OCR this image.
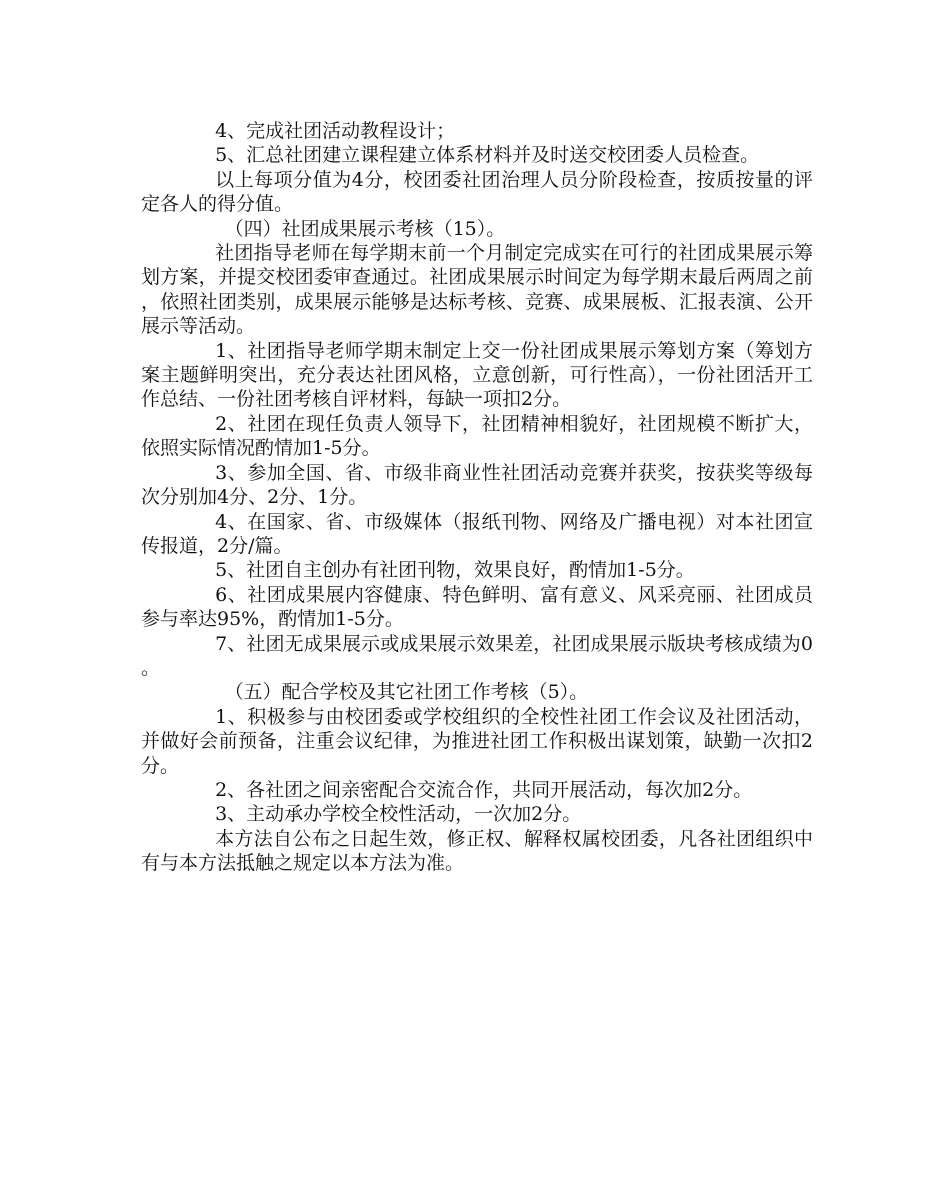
4、完成社团活动教程设计；

5、汇总社团建立课程建立体系材料并及时送交校团委人员检查。

以上每项分值为4分，校团委社团治理人员分阶段检查，按质按量的评定各人的得分值。

（四）社团成果展示考核（15）。

社团指导老师在每学期末前一个月制定完成实在可行的社团成果展示筹划方案，并提交校团委审查通过。社团成果展示时间定为每学期末最后两周之前，依照社团类别，成果展示能够是达标考核、竞赛、成果展板、汇报表演、公开展示等活动。

1、社团指导老师学期末制定上交一份社团成果展示筹划方案（筹划方案主题鲜明突出，充分表达社团风格，立意创新，可行性高），一份社团活开工作总结、一份社团考核自评材料，每缺一项扣2分。

2、社团在现任负责人领导下，社团精神相貌好，社团规模不断扩大，依照实际情况酌情加1-5分。

3、参加全国、省、市级非商业性社团活动竞赛并获奖，按获奖等级每次分别加4分、2分、1分。

4、在国家、省、市级媒体（报纸刊物、网络及广播电视）对本社团宣传报道，2分/篇。

5、社团自主创办有社团刊物，效果良好，酌情加1-5分。

6、社团成果展内容健康、特色鲜明、富有意义、风采亮丽、社团成员参与率达95%，酌情加1-5分。

7、社团无成果展示或成果展示效果差，社团成果展示版块考核成绩为0。

（五）配合学校及其它社团工作考核（5）。

1、积极参与由校团委或学校组织的全校性社团工作会议及社团活动，并做好会前预备，注重会议纪律，为推进社团工作积极出谋划策，缺勤一次扣2分。

2、各社团之间亲密配合交流合作，共同开展活动，每次加2分。

3、主动承办学校全校性活动，一次加2分。

本方法自公布之日起生效，修正权、解释权属校团委，凡各社团组织中有与本方法抵触之规定以本方法为准。
